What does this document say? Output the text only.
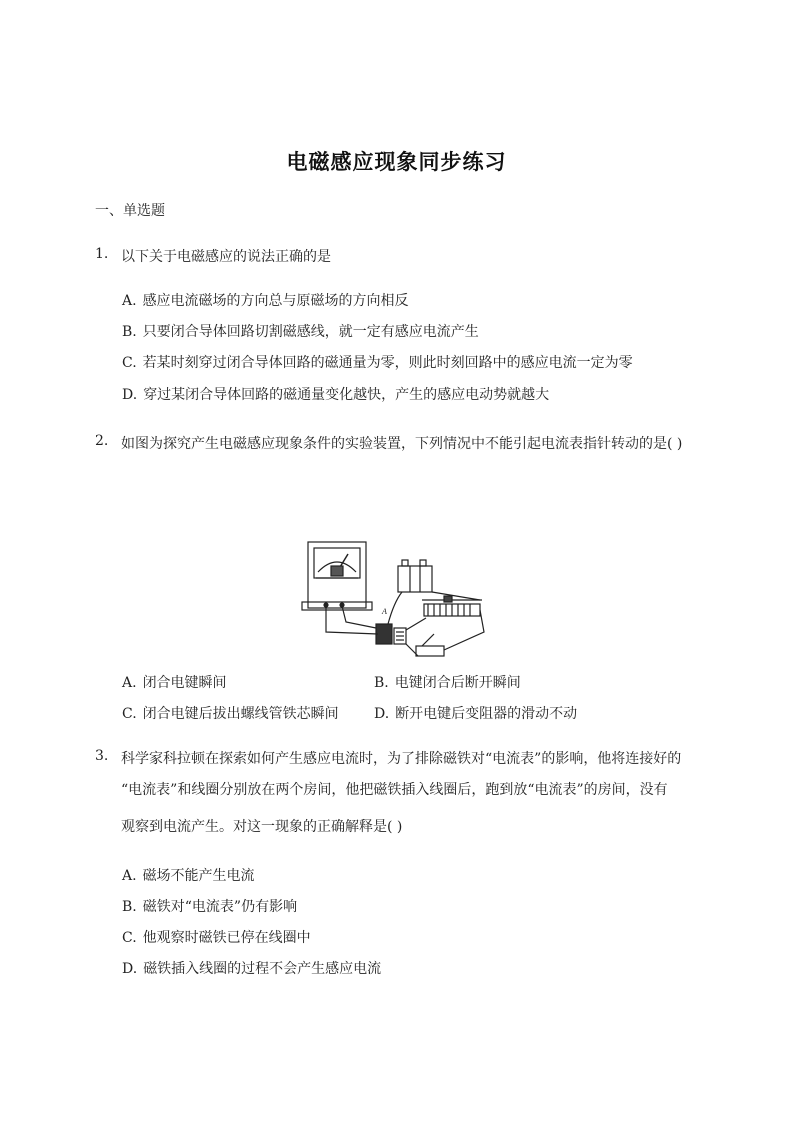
电磁感应现象同步练习
一、单选题
1. 以下关于电磁感应的说法正确的是
A. 感应电流磁场的方向总与原磁场的方向相反
B. 只要闭合导体回路切割磁感线，就一定有感应电流产生
C. 若某时刻穿过闭合导体回路的磁通量为零，则此时刻回路中的感应电流一定为零
D. 穿过某闭合导体回路的磁通量变化越快，产生的感应电动势就越大
2. 如图为探究产生电磁感应现象条件的实验装置，下列情况中不能引起电流表指针转动的是( )
A
A. 闭合电键瞬间	B. 电键闭合后断开瞬间
C. 闭合电键后拔出螺线管铁芯瞬间	D. 断开电键后变阻器的滑动不动
3. 科学家科拉顿在探索如何产生感应电流时，为了排除磁铁对“电流表”的影响，他将连接好的
“电流表”和线圈分别放在两个房间，他把磁铁插入线圈后，跑到放“电流表”的房间，没有
观察到电流产生。对这一现象的正确解释是( )
A. 磁场不能产生电流
B. 磁铁对“电流表”仍有影响
C. 他观察时磁铁已停在线圈中
D. 磁铁插入线圈的过程不会产生感应电流
